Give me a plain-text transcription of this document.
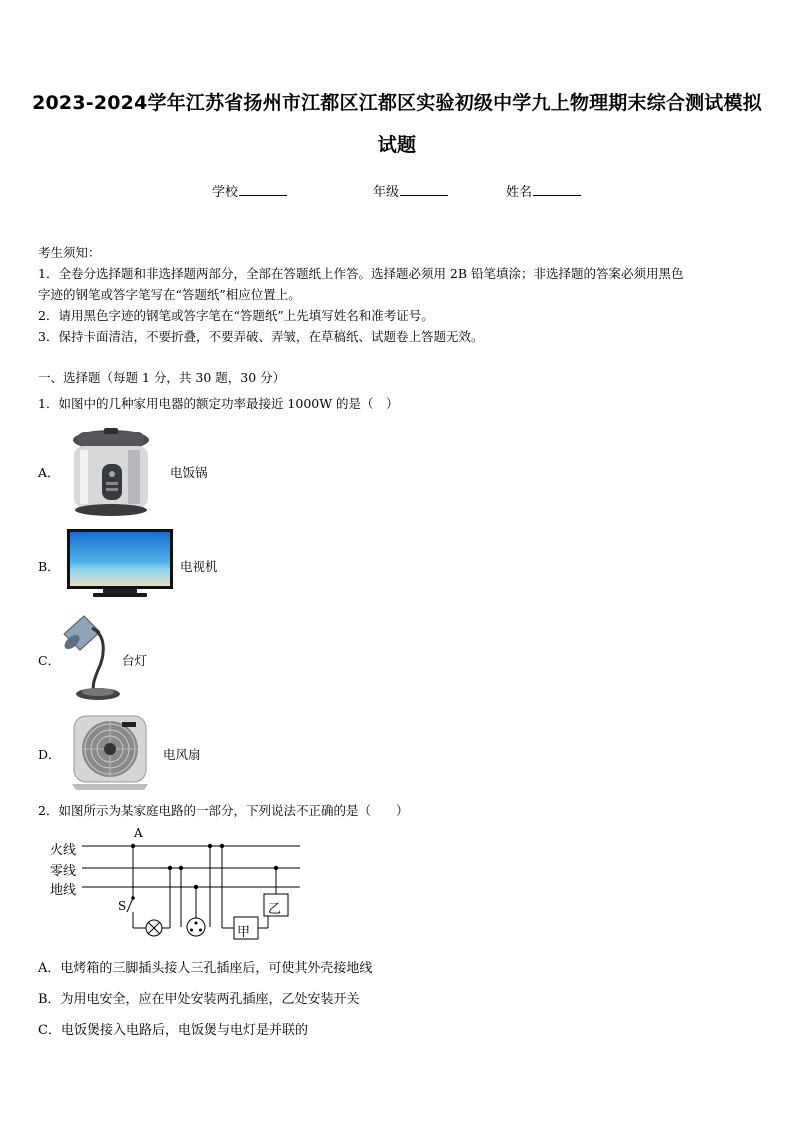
2023-2024学年江苏省扬州市江都区江都区实验初级中学九上物理期末综合测试模拟
试题
学校	年级	姓名
考生须知：
1．全卷分选择题和非选择题两部分，全部在答题纸上作答。选择题必须用 2B 铅笔填涂；非选择题的答案必须用黑色
字迹的钢笔或答字笔写在“答题纸”相应位置上。
2．请用黑色字迹的钢笔或答字笔在“答题纸”上先填写姓名和准考证号。
3．保持卡面清洁，不要折叠，不要弄破、弄皱，在草稿纸、试题卷上答题无效。
一、选择题（每题 1 分，共 30 题，30 分）
1．如图中的几种家用电器的额定功率最接近 1000W 的是（　）
A．	电饭锅
B．	电视机
C．	台灯
D．	电风扇
2．如图所示为某家庭电路的一部分，下列说法不正确的是（　　）
火线
零线
地线
A
S
甲
乙
A．电烤箱的三脚插头接人三孔插座后，可使其外壳接地线
B．为用电安全，应在甲处安装两孔插座，乙处安装开关
C．电饭煲接入电路后，电饭煲与电灯是并联的
